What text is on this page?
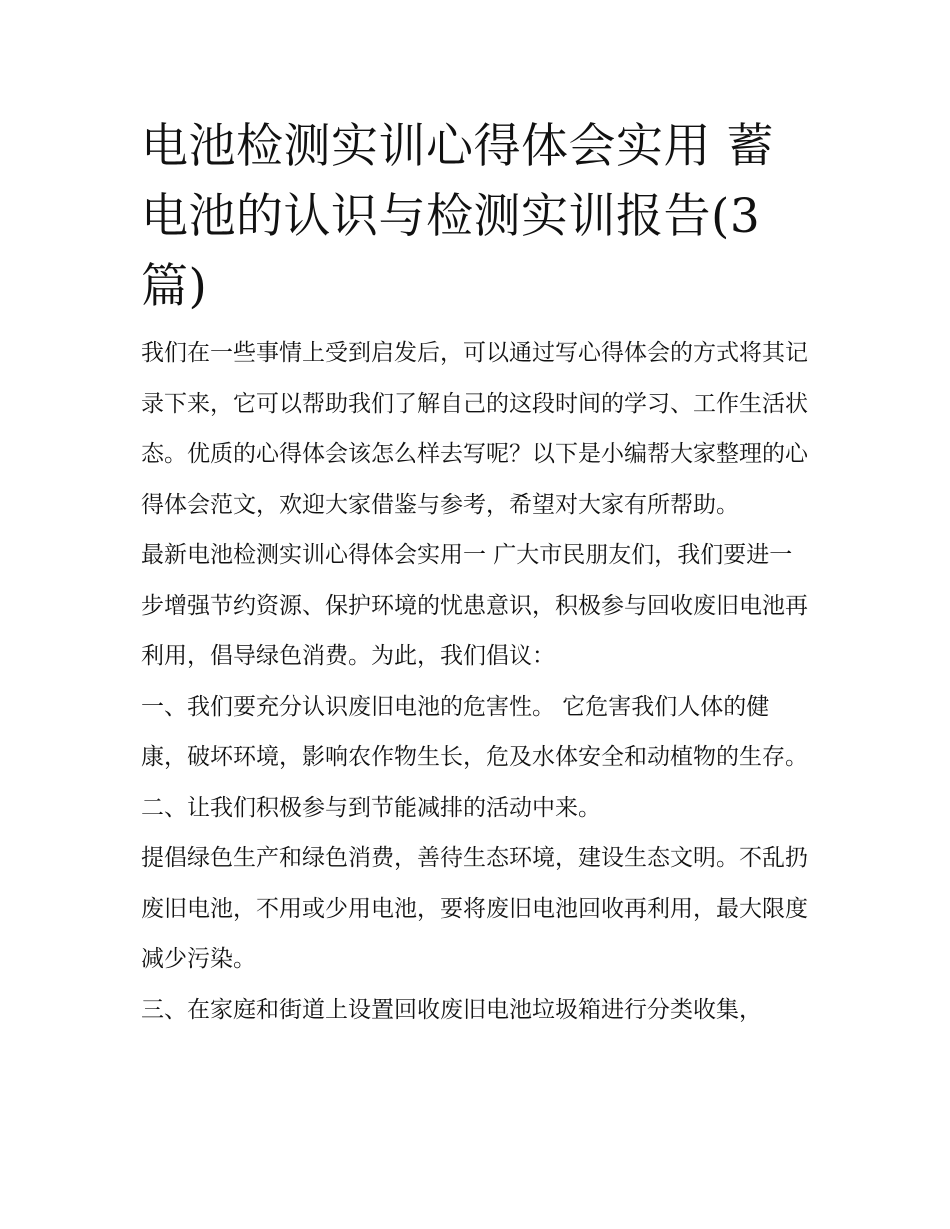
电池检测实训心得体会实用 蓄电池的认识与检测实训报告(3篇)

我们在一些事情上受到启发后，可以通过写心得体会的方式将其记录下来，它可以帮助我们了解自己的这段时间的学习、工作生活状态。优质的心得体会该怎么样去写呢？以下是小编帮大家整理的心得体会范文，欢迎大家借鉴与参考，希望对大家有所帮助。

最新电池检测实训心得体会实用一 广大市民朋友们，我们要进一步增强节约资源、保护环境的忧患意识，积极参与回收废旧电池再利用，倡导绿色消费。为此，我们倡议：

一、我们要充分认识废旧电池的危害性。 它危害我们人体的健康，破坏环境，影响农作物生长，危及水体安全和动植物的生存。 二、让我们积极参与到节能减排的活动中来。

提倡绿色生产和绿色消费，善待生态环境，建设生态文明。不乱扔废旧电池，不用或少用电池，要将废旧电池回收再利用，最大限度减少污染。

三、在家庭和街道上设置回收废旧电池垃圾箱进行分类收集，
